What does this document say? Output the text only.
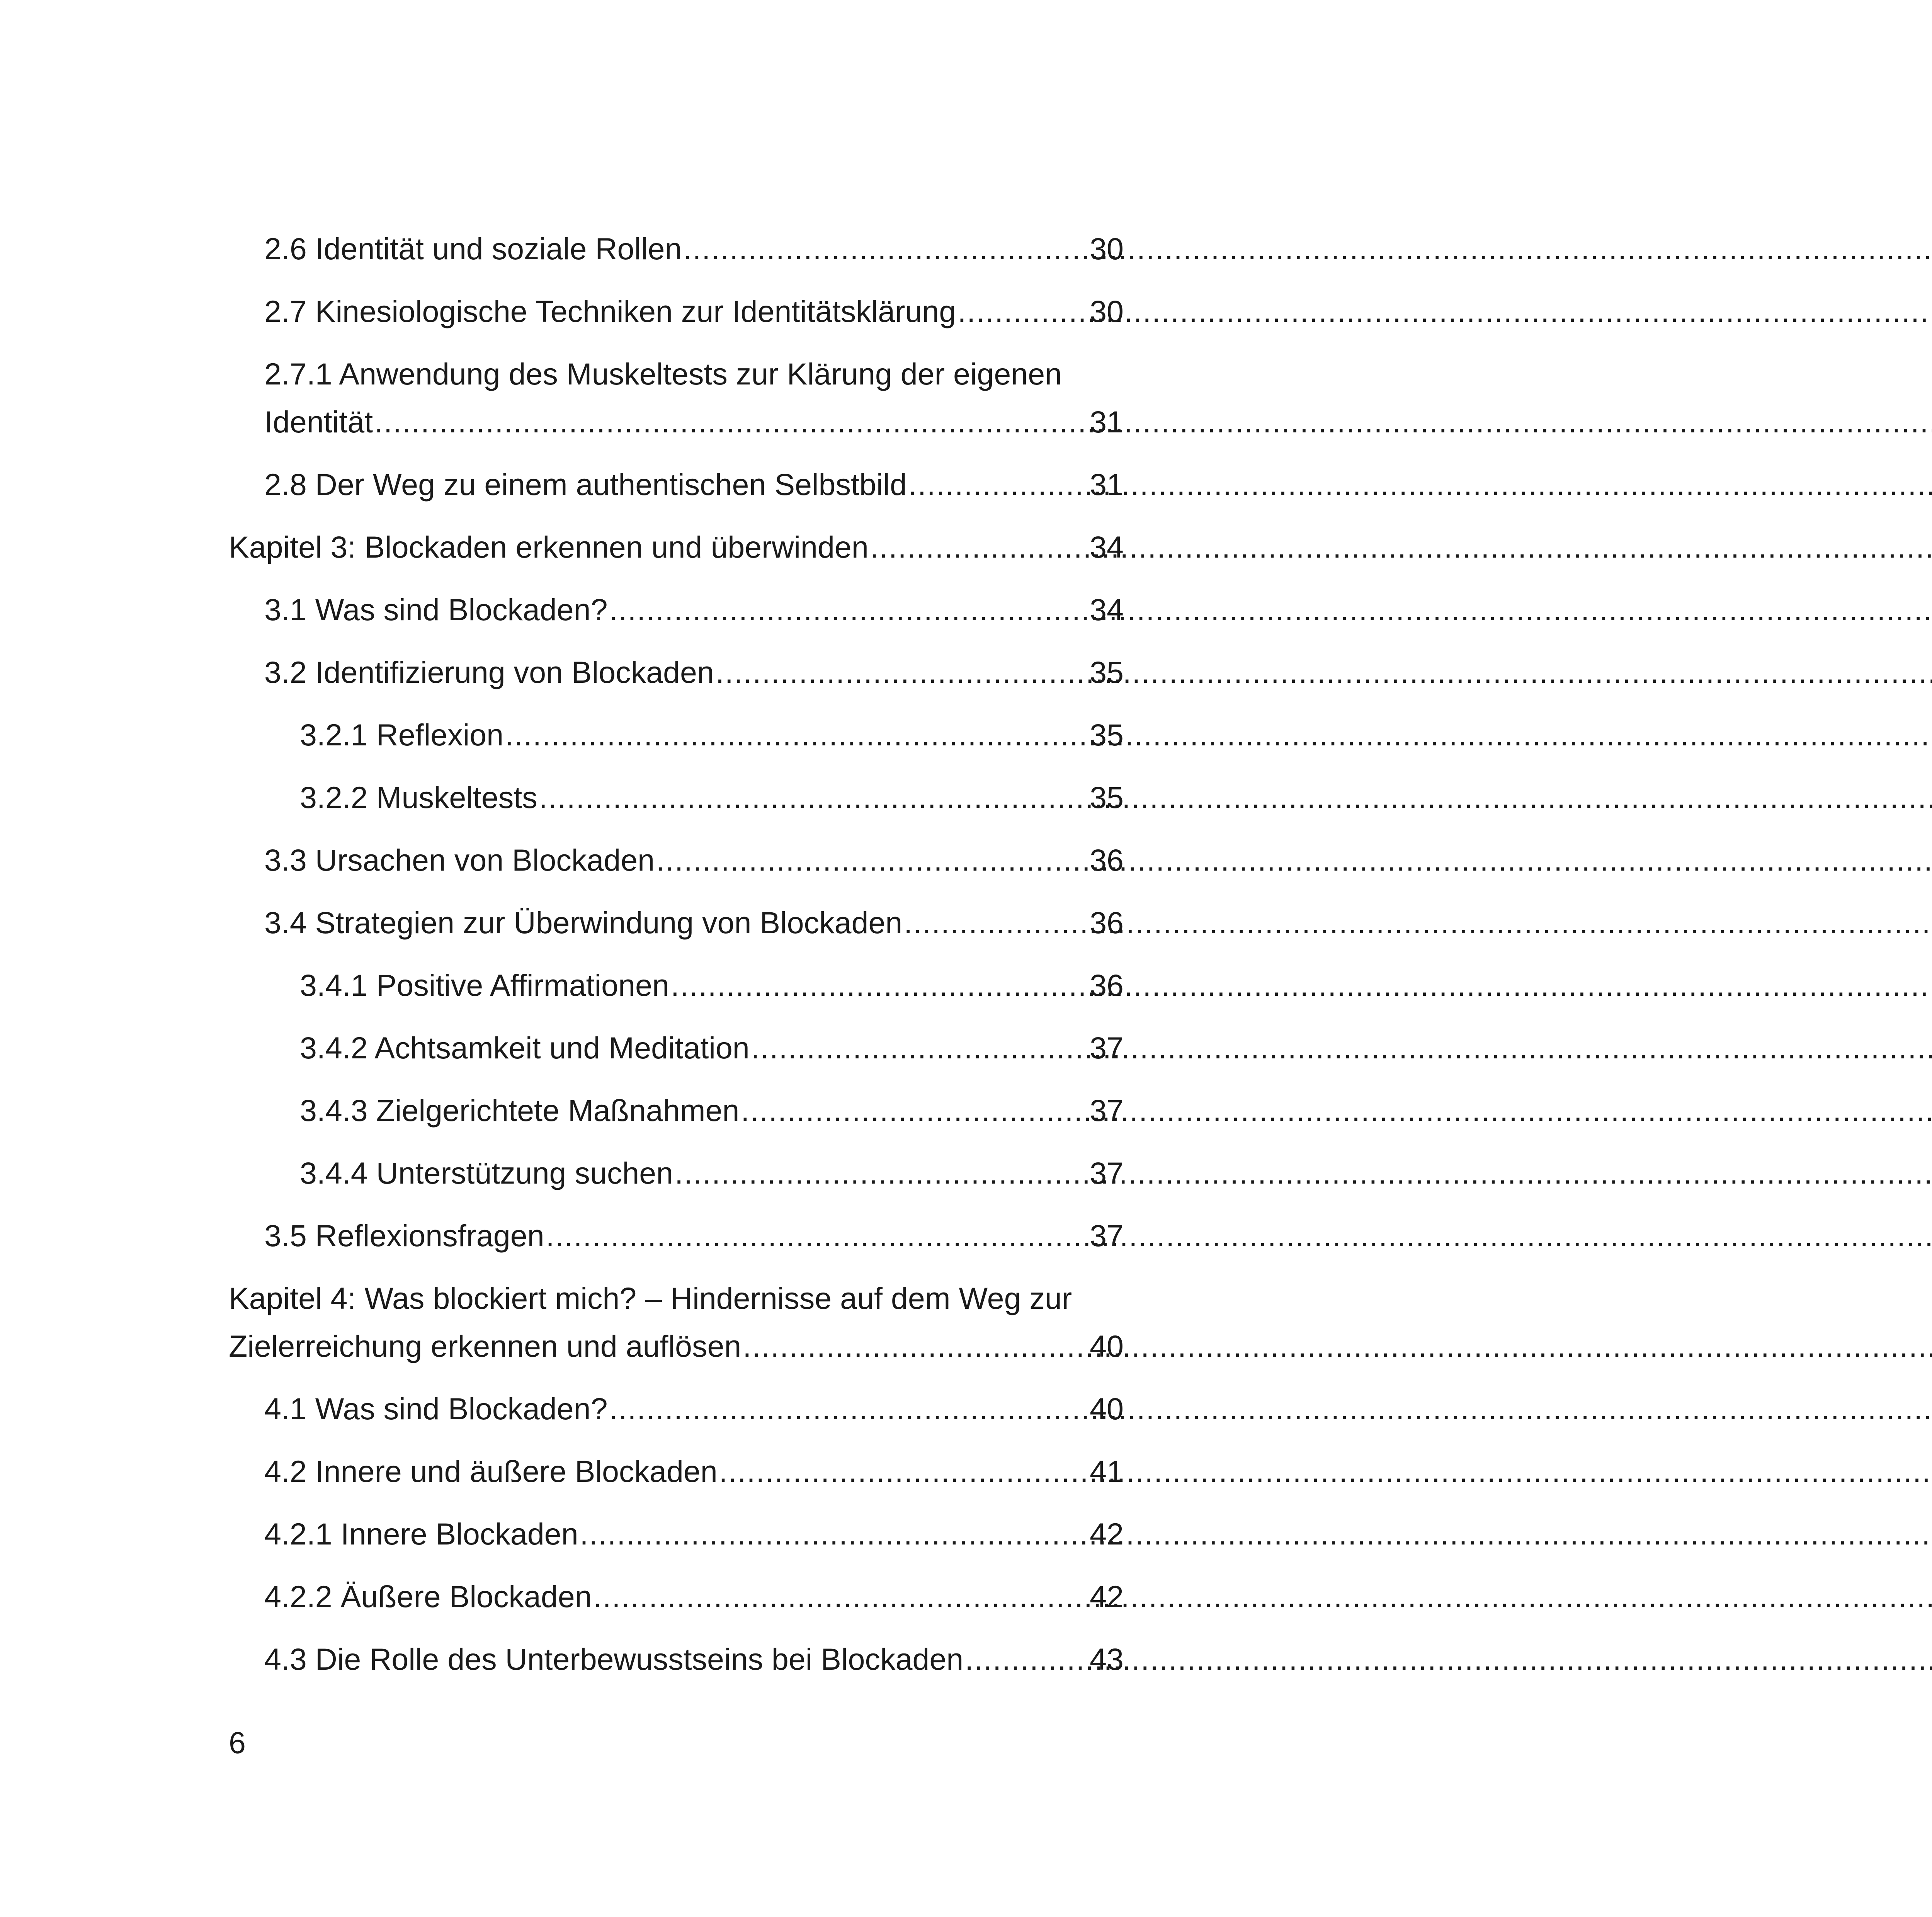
2.6 Identität und soziale Rollen .....	30
2.7 Kinesiologische Techniken zur Identitätsklärung .....	30
2.7.1 Anwendung des Muskeltests zur Klärung der eigenen
Identität .....	31
2.8 Der Weg zu einem authentischen Selbstbild .....	31
Kapitel 3: Blockaden erkennen und überwinden .....	34
3.1 Was sind Blockaden? .....	34
3.2 Identifizierung von Blockaden .....	35
3.2.1 Reflexion .....	35
3.2.2 Muskeltests .....	35
3.3 Ursachen von Blockaden .....	36
3.4 Strategien zur Überwindung von Blockaden .....	36
3.4.1 Positive Affirmationen .....	36
3.4.2 Achtsamkeit und Meditation .....	37
3.4.3 Zielgerichtete Maßnahmen .....	37
3.4.4 Unterstützung suchen .....	37
3.5 Reflexionsfragen .....	37
Kapitel 4: Was blockiert mich? – Hindernisse auf dem Weg zur
Zielerreichung erkennen und auflösen .....	40
4.1 Was sind Blockaden? .....	40
4.2 Innere und äußere Blockaden .....	41
4.2.1 Innere Blockaden .....	42
4.2.2 Äußere Blockaden .....	42
4.3 Die Rolle des Unterbewusstseins bei Blockaden .....	43
6
